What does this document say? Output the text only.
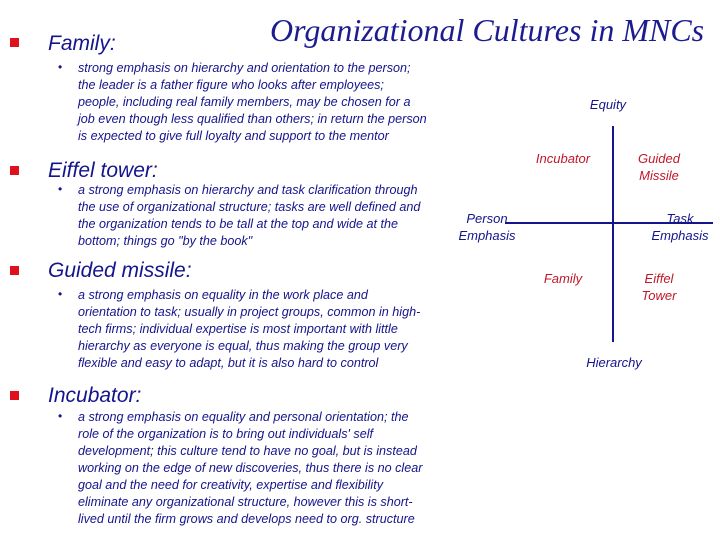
Organizational Cultures in MNCs
Family:
• strong emphasis on hierarchy and orientation to the person;
the leader is a father figure who looks after employees;
people, including real family members, may be chosen for a
job even though less qualified than others; in return the person
is expected to give full loyalty and support to the mentor
Eiffel tower:
• a strong emphasis on hierarchy and task clarification through
the use of organizational structure; tasks are well defined and
the organization tends to be tall at the top and wide at the
bottom; things go "by the book"
Guided missile:
• a strong emphasis on equality in the work place and
orientation to task; usually in project groups, common in high-
tech firms; individual expertise is most important with little
hierarchy as everyone is equal, thus making the group very
flexible and easy to adapt, but it is also hard to control
Incubator:
• a strong emphasis on equality and personal orientation; the
role of the organization is to bring out individuals' self
development; this culture tend to have no goal, but is instead
working on the edge of new discoveries, thus there is no clear
goal and the need for creativity, expertise and flexibility
eliminate any organizational structure, however this is short-
lived until the firm grows and develops need to org. structure
Equity
Hierarchy
Person
Emphasis
Task
Emphasis
Incubator	Guided
Missile
Family	Eiffel
Tower
